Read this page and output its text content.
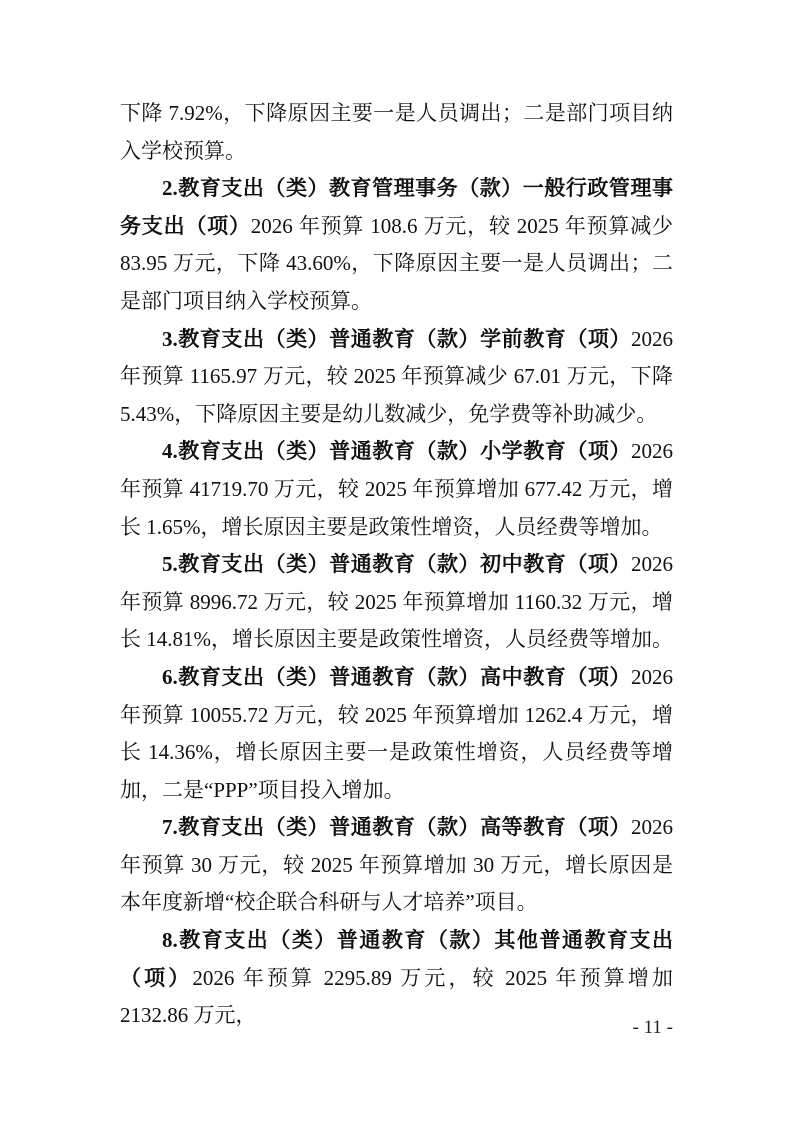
下降 7.92%，下降原因主要一是人员调出；二是部门项目纳入学校预算。

2.教育支出（类）教育管理事务（款）一般行政管理事务支出（项）2026 年预算 108.6 万元，较 2025 年预算减少 83.95 万元，下降 43.60%，下降原因主要一是人员调出；二是部门项目纳入学校预算。

3.教育支出（类）普通教育（款）学前教育（项）2026 年预算 1165.97 万元，较 2025 年预算减少 67.01 万元，下降 5.43%，下降原因主要是幼儿数减少，免学费等补助减少。

4.教育支出（类）普通教育（款）小学教育（项）2026 年预算 41719.70 万元，较 2025 年预算增加 677.42 万元，增长 1.65%，增长原因主要是政策性增资，人员经费等增加。

5.教育支出（类）普通教育（款）初中教育（项）2026 年预算 8996.72 万元，较 2025 年预算增加 1160.32 万元，增长 14.81%，增长原因主要是政策性增资，人员经费等增加。

6.教育支出（类）普通教育（款）高中教育（项）2026 年预算 10055.72 万元，较 2025 年预算增加 1262.4 万元，增长 14.36%，增长原因主要一是政策性增资，人员经费等增加，二是“PPP”项目投入增加。

7.教育支出（类）普通教育（款）高等教育（项）2026 年预算 30 万元，较 2025 年预算增加 30 万元，增长原因是本年度新增“校企联合科研与人才培养”项目。

8.教育支出（类）普通教育（款）其他普通教育支出（项）2026 年预算 2295.89 万元，较 2025 年预算增加 2132.86 万元，

- 11 -
